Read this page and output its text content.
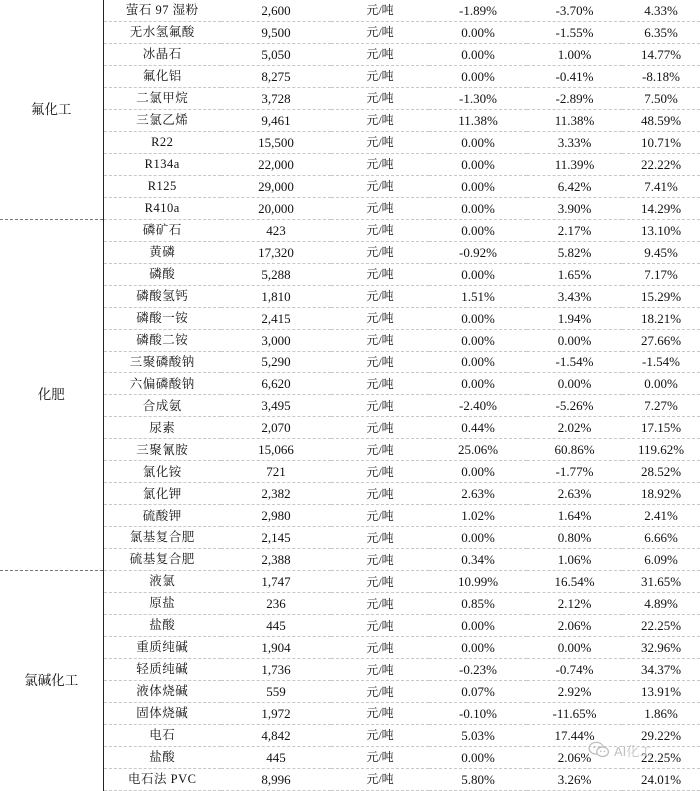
氟化工	萤石 97 湿粉	2,600	元/吨	-1.89%	-3.70%	4.33%	
	无水氢氟酸	9,500	元/吨	0.00%	-1.55%	6.35%	
	冰晶石	5,050	元/吨	0.00%	1.00%	14.77%	
	氟化铝	8,275	元/吨	0.00%	-0.41%	-8.18%	
	二氯甲烷	3,728	元/吨	-1.30%	-2.89%	7.50%	
	三氯乙烯	9,461	元/吨	11.38%	11.38%	48.59%	
	R22	15,500	元/吨	0.00%	3.33%	10.71%	
	R134a	22,000	元/吨	0.00%	11.39%	22.22%	
	R125	29,000	元/吨	0.00%	6.42%	7.41%	
	R410a	20,000	元/吨	0.00%	3.90%	14.29%	
化肥	磷矿石	423	元/吨	0.00%	2.17%	13.10%	
	黄磷	17,320	元/吨	-0.92%	5.82%	9.45%	
	磷酸	5,288	元/吨	0.00%	1.65%	7.17%	
	磷酸氢钙	1,810	元/吨	1.51%	3.43%	15.29%	
	磷酸一铵	2,415	元/吨	0.00%	1.94%	18.21%	
	磷酸二铵	3,000	元/吨	0.00%	0.00%	27.66%	
	三聚磷酸钠	5,290	元/吨	0.00%	-1.54%	-1.54%	
	六偏磷酸钠	6,620	元/吨	0.00%	0.00%	0.00%	
	合成氨	3,495	元/吨	-2.40%	-5.26%	7.27%	
	尿素	2,070	元/吨	0.44%	2.02%	17.15%	
	三聚氰胺	15,066	元/吨	25.06%	60.86%	119.62%	
	氯化铵	721	元/吨	0.00%	-1.77%	28.52%	
	氯化钾	2,382	元/吨	2.63%	2.63%	18.92%	
	硫酸钾	2,980	元/吨	1.02%	1.64%	2.41%	
	氯基复合肥	2,145	元/吨	0.00%	0.80%	6.66%	
	硫基复合肥	2,388	元/吨	0.34%	1.06%	6.09%	
氯碱化工	液氯	1,747	元/吨	10.99%	16.54%	31.65%	
	原盐	236	元/吨	0.85%	2.12%	4.89%	
	盐酸	445	元/吨	0.00%	2.06%	22.25%	
	重质纯碱	1,904	元/吨	0.00%	0.00%	32.96%	
	轻质纯碱	1,736	元/吨	-0.23%	-0.74%	34.37%	
	液体烧碱	559	元/吨	0.07%	2.92%	13.91%	
	固体烧碱	1,972	元/吨	-0.10%	-11.65%	1.86%	
	电石	4,842	元/吨	5.03%	17.44%	29.22%	
	盐酸	445	元/吨	0.00%	2.06%	22.25%	
	电石法 PVC	8,996	元/吨	5.80%	3.26%	24.01%	
AI化工
